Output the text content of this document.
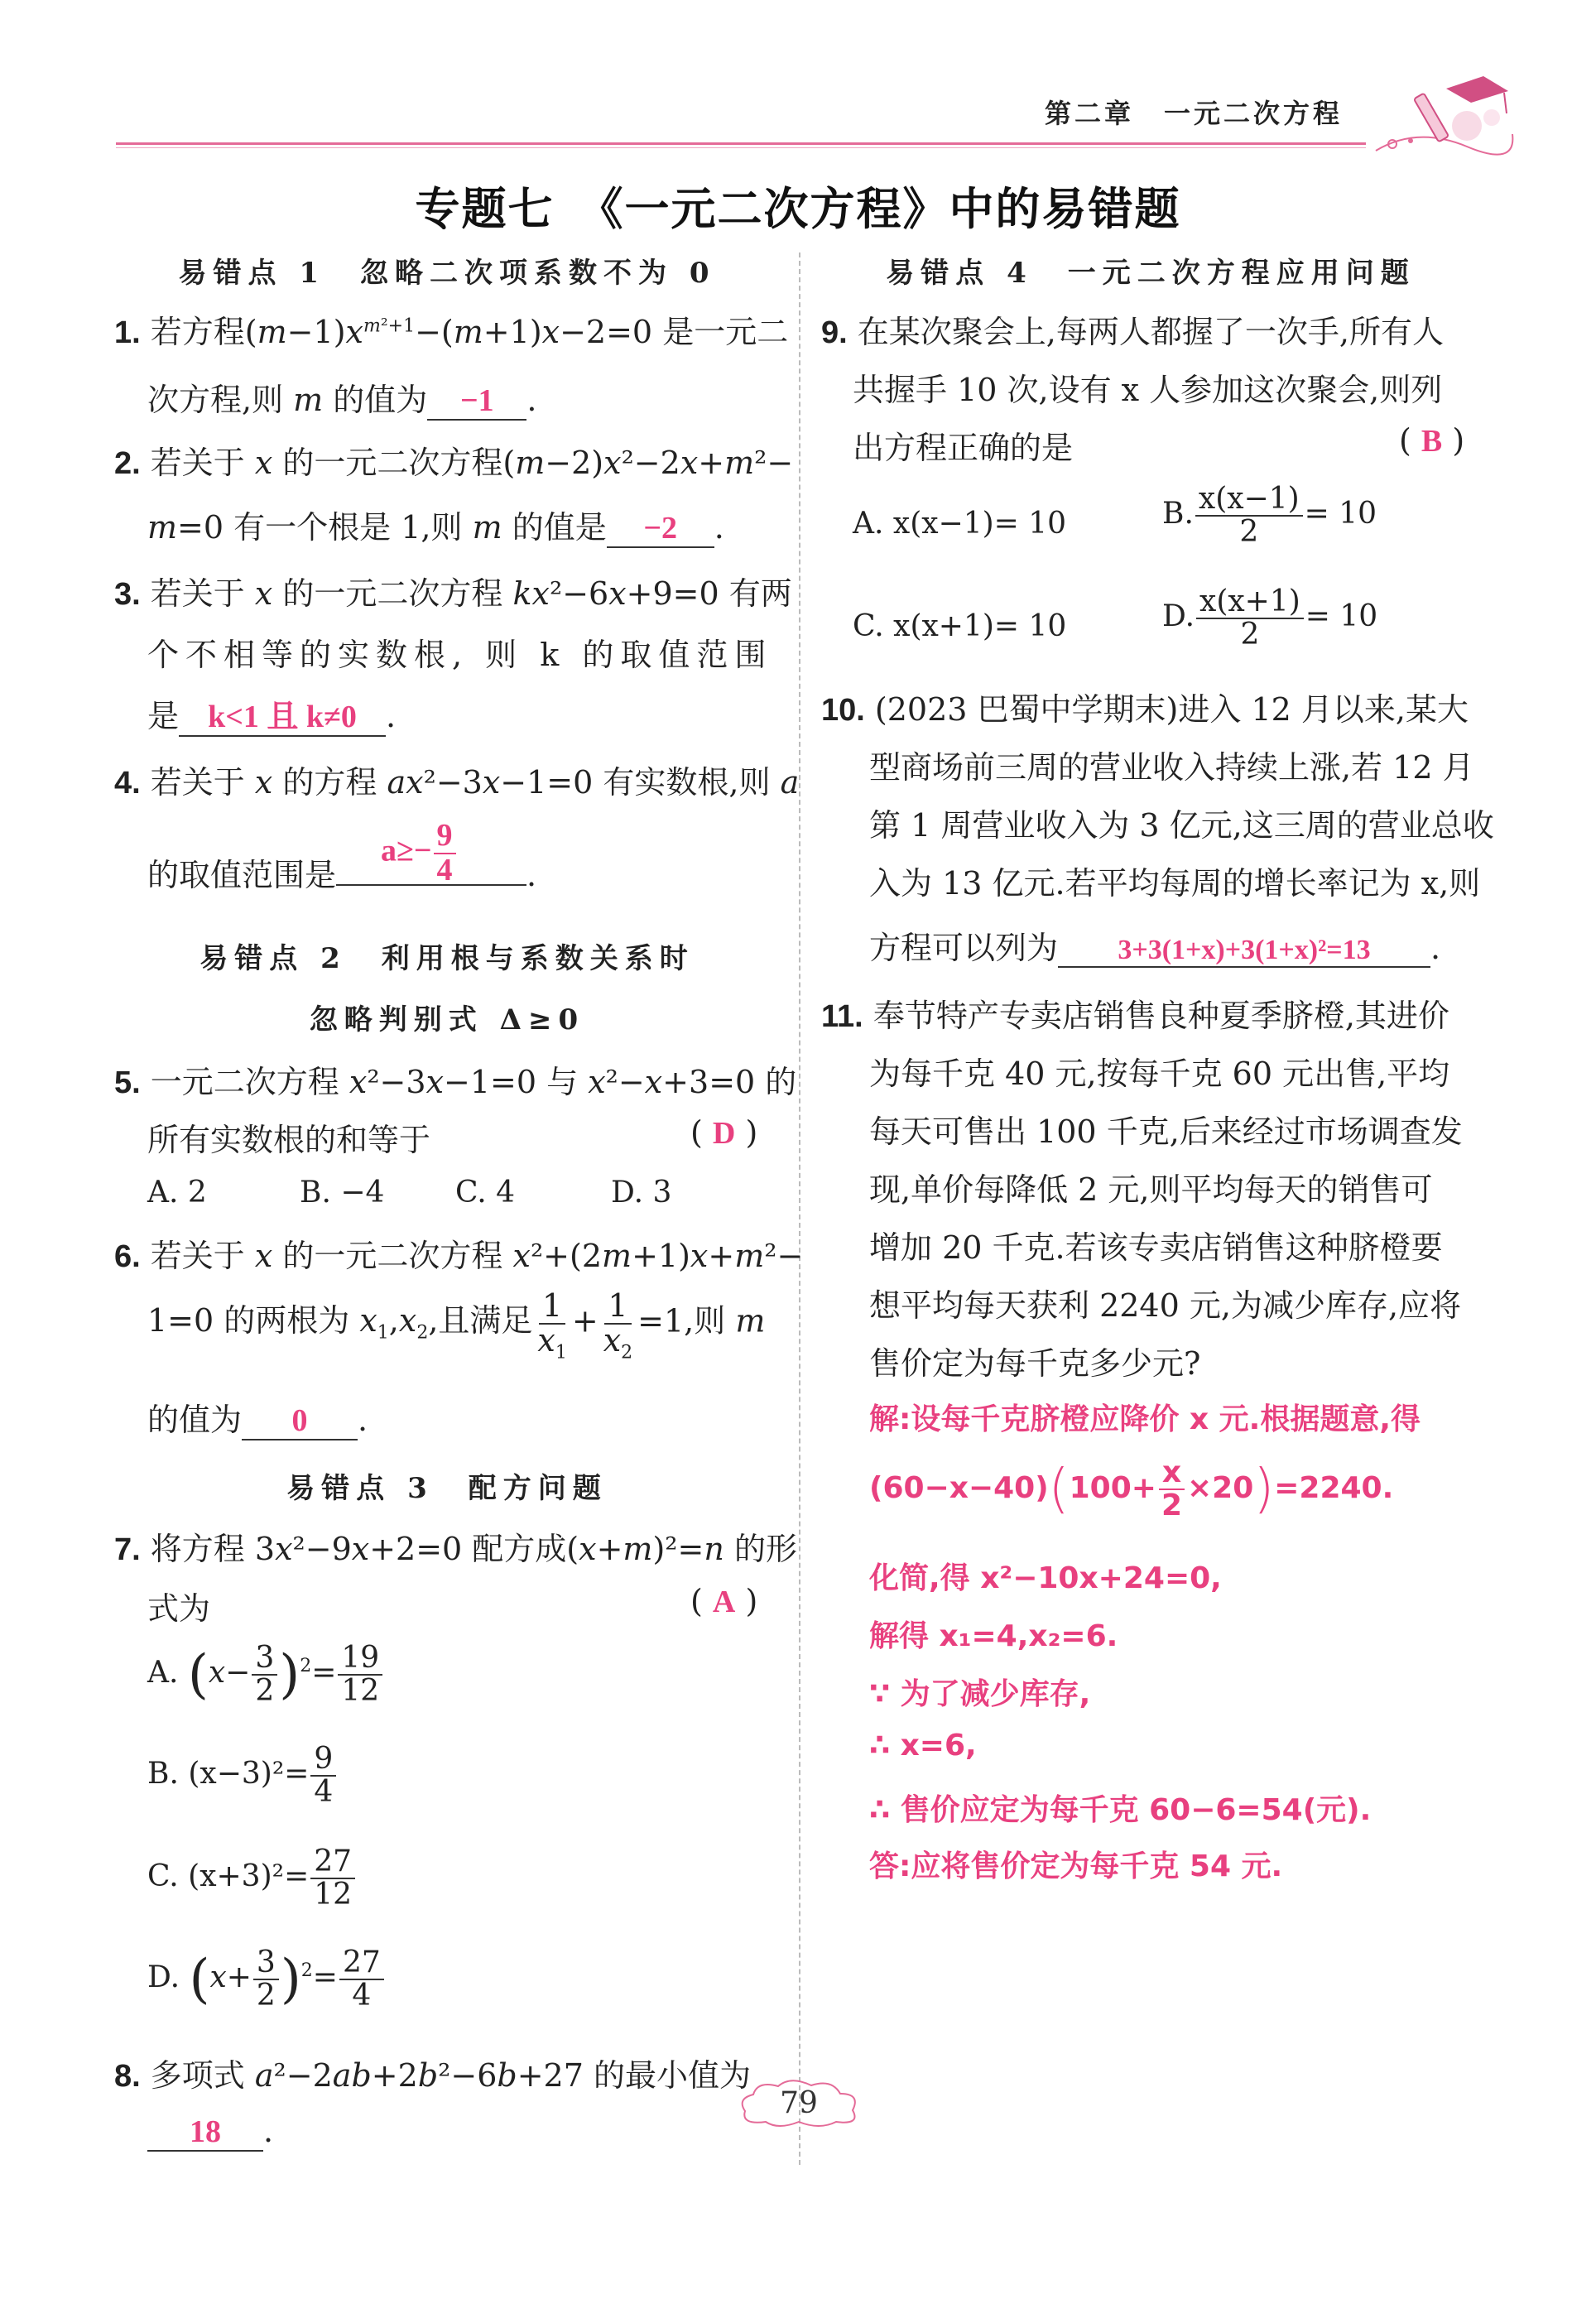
第二章　一元二次方程
专题七　《一元二次方程》中的易错题
易错点 1　忽略二次项系数不为 0
1. 若方程$(m-1)x^{m^2+1}-(m+1)x-2=0$ 是一元二
次方程,则 m 的值为 −1 .
2. 若关于 x 的一元二次方程(m−2)x²−2x+m²−
m=0 有一个根是 1,则 m 的值是 −2 .
3. 若关于 x 的一元二次方程 kx²−6x+9=0 有两
个不相等的实数根, 则 k 的取值范围
是 k<1 且 k≠0 .
4. 若关于 x 的方程 ax²−3x−1=0 有实数根,则 a
的取值范围是	.
$a\ge- \frac{9}{4}$
易错点 2　利用根与系数关系时
忽略判别式 Δ≥0
5. 一元二次方程 x²−3x−1=0 与 x²−x+3=0 的
所有实数根的和等于	( D )
A. 2	B. −4 C. 4	D. 3
6. 若关于 x 的一元二次方程 x²+(2m+1)x+m²−
1=0 的两根为 $x_1,x_2$,且满足 $\frac{1}{x_1} + \frac{1}{x_2} =1$,则 m
的值为 0 .
易错点 3　配方问题
7. 将方程 3x²−9x+2=0 配方成(x+m)²=n 的形
式为	( A )
A. $(x- \frac{3}{2} )^2= \frac{19}{12}$
B. $(x-3)^2= \frac{9}{4}$
C. $(x+3)^2= \frac{27}{12}$
D. $(x+ \frac{3}{2} )^2= \frac{27}{4}$
8. 多项式 a²−2ab+2b²−6b+27 的最小值为
18 .
易错点 4　一元二次方程应用问题
9. 在某次聚会上,每两人都握了一次手,所有人
共握手 10 次,设有 x 人参加这次聚会,则列
出方程正确的是	( B )
A. x(x−1)= 10	B. $\frac{x(x-1)}{2} = 10$
C. x(x+1)= 10	D. $\frac{x(x+1)}{2} = 10$
10. (2023 巴蜀中学期末)进入 12 月以来,某大
型商场前三周的营业收入持续上涨,若 12 月
第 1 周营业收入为 3 亿元,这三周的营业总收
入为 13 亿元.若平均每周的增长率记为 x,则
方程可以列为 3+3(1+x)+3(1+x)²=13 .
11. 奉节特产专卖店销售良种夏季脐橙,其进价
为每千克 40 元,按每千克 60 元出售,平均
每天可售出 100 千克,后来经过市场调查发
现,单价每降低 2 元,则平均每天的销售可
增加 20 千克.若该专卖店销售这种脐橙要
想平均每天获利 2240 元,为减少库存,应将
售价定为每千克多少元?
解:设每千克脐橙应降价 x 元.根据题意,得
$(60-x-40)(100+ \frac{x}{2} \times 20)=2240$.
化简,得 x²−10x+24=0,
解得 x₁=4,x₂=6.
∵ 为了减少库存,
∴ x=6,
∴ 售价应定为每千克 60−6=54(元).
答:应将售价定为每千克 54 元.
79
